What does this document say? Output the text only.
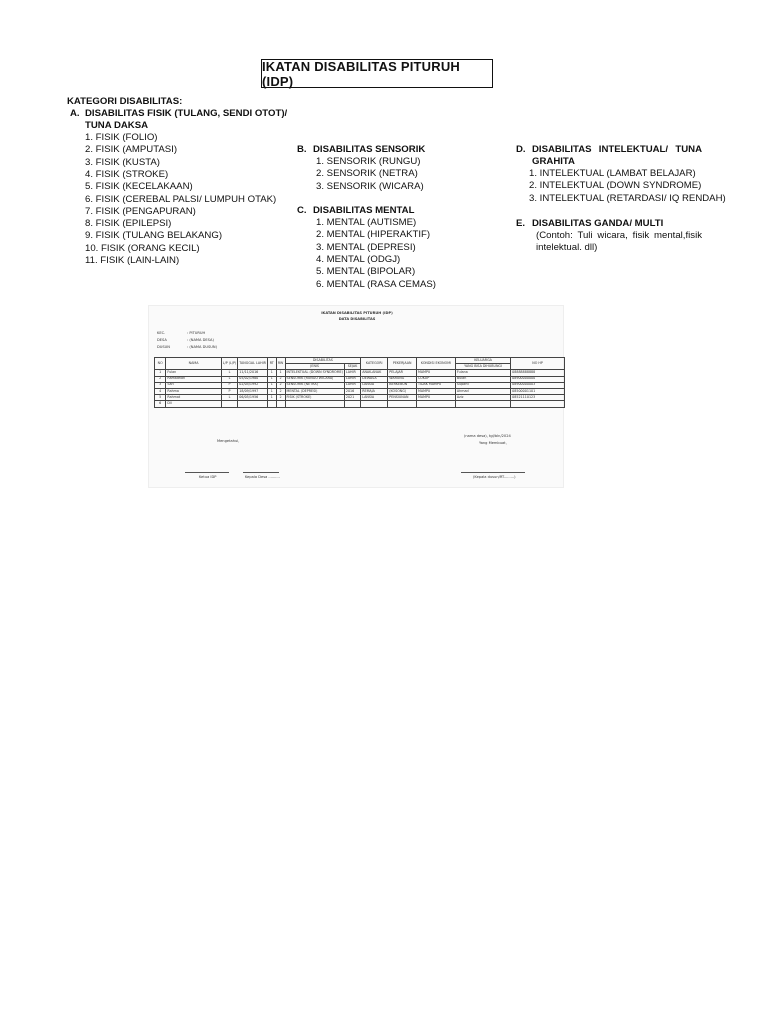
IKATAN DISABILITAS PITURUH (IDP)
KATEGORI DISABILITAS:
A. DISABILITAS FISIK (TULANG, SENDI OTOT)/
TUNA DAKSA
1. FISIK (FOLIO)
2. FISIK (AMPUTASI)
3. FISIK (KUSTA)
4. FISIK (STROKE)
5. FISIK (KECELAKAAN)
6. FISIK (CEREBAL PALSI/ LUMPUH OTAK)
7. FISIK (PENGAPURAN)
8. FISIK (EPILEPSI)
9. FISIK (TULANG BELAKANG)
10. FISIK (ORANG KECIL)
11. FISIK (LAIN-LAIN)
B. DISABILITAS SENSORIK
1. SENSORIK (RUNGU)
2. SENSORIK (NETRA)
3. SENSORIK (WICARA)
C. DISABILITAS MENTAL
1. MENTAL (AUTISME)
2. MENTAL (HIPERAKTIF)
3. MENTAL (DEPRESI)
4. MENTAL (ODGJ)
5. MENTAL (BIPOLAR)
6. MENTAL (RASA CEMAS)
D. DISABILITAS INTELEKTUAL/ TUNA
GRAHITA
1. INTELEKTUAL (LAMBAT BELAJAR)
2. INTELEKTUAL (DOWN SYNDROME)
3. INTELEKTUAL (RETARDASI/ IQ RENDAH)
E. DISABILITAS GANDA/ MULTI
(Contoh: Tuli wicara, fisik mental,fisik
intelektual. dll)
IKATAN DISABILITAS PITURUH (IDP)
DATA DISABILITAS
KEC.	: PITURUH
DESA	: (NAMA DESA)
DUSUN	: (NAMA DUSUN)
NO	NAMA	L/P (L/P)	TANGGAL LAHIR	RT	RW	DISABILITAS		KATEGORI	PEKERJAAN	KONDISI EKONOMI	KELUARGA	NO HP
						JENIS	SEJAK				YANG BISA DIHUBUNGI	
1	Fulan	L	11/11/2016	1	1	INTELEKTUAL (DOWN SYNDROME)	LAHIR	ANAK-ANAK	PELAJAR	MAMPU	Fulana	08888888888
2	Ramadhan	L	05/02/1980	1	2	SENSORIK (RUNGU WICARA)	LAHIR	DEWASA	WARUNG	CUKUP	Bulan	08900000000
3	Sari	P	02/05/1992	1	2	SENSORIK (NETRA)	LAHIR	LANSIA	BERKEBUN	TIDAK MAMPU	Suparti	08900000003
4	Rahma	P	18/09/1997	1	2	MENTAL (DEPRESI)	2016	REMAJA	(KOSONG)	MAMPU	Ahmad	08500001101
5	Rahmat	L	06/05/1956	1	2	FISIK (STROKE)	2021	LANSIA	PENSIUNAN	MAMPU	Aziz	08521110123
6	Dll											
(nama desa), tgl/bln/2024
Yang Membuat,
Mengetahui,
Ketua IDP	Kepala Desa ..........	(Kepala dusun/RT.........)
